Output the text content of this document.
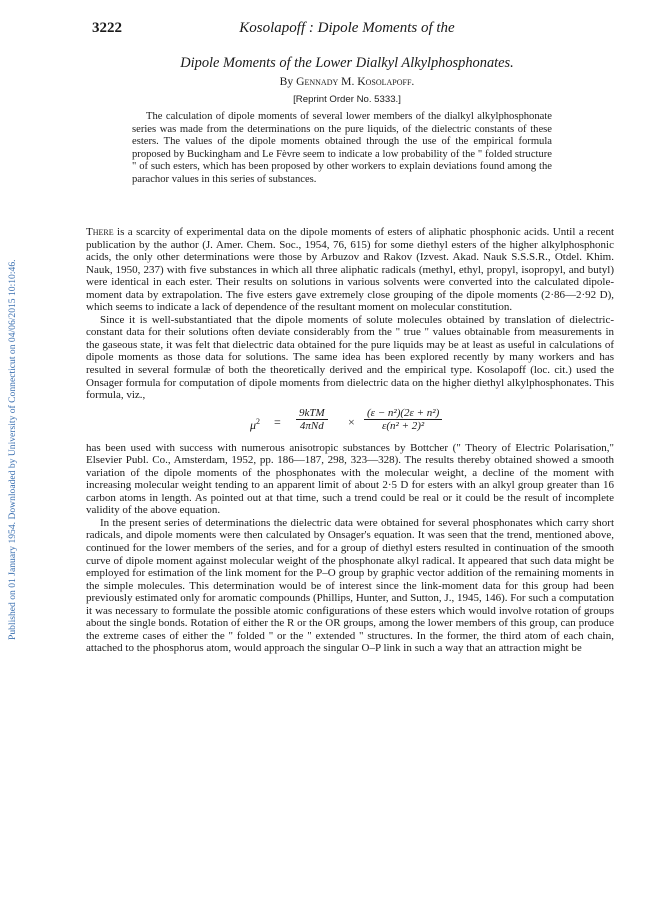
Published on 01 January 1954. Downloaded by University of Connecticut on 04/06/2015 10:10:46.
3222	Kosolapoff : Dipole Moments of the
Dipole Moments of the Lower Dialkyl Alkylphosphonates.
By Gennady M. Kosolapoff.
[Reprint Order No. 5333.]
The calculation of dipole moments of several lower members of the dialkyl alkylphosphonate series was made from the determinations on the pure liquids, of the dielectric constants of these esters. The values of the dipole moments obtained through the use of the empirical formula proposed by Buckingham and Le Fèvre seem to indicate a low probability of the " folded structure " of such esters, which has been proposed by other workers to explain deviations found among the parachor values in this series of substances.

There is a scarcity of experimental data on the dipole moments of esters of aliphatic phosphonic acids. Until a recent publication by the author (J. Amer. Chem. Soc., 1954, 76, 615) for some diethyl esters of the higher alkylphosphonic acids, the only other determinations were those by Arbuzov and Rakov (Izvest. Akad. Nauk S.S.S.R., Otdel. Khim. Nauk, 1950, 237) with five substances in which all three aliphatic radicals (methyl, ethyl, propyl, isopropyl, and butyl) were identical in each ester. Their results on solutions in various solvents were converted into the calculated dipole-moment data by extrapolation. The five esters gave extremely close grouping of the dipole moments (2·86—2·92 D), which seems to indicate a lack of dependence of the resultant moment on molecular constitution.

Since it is well-substantiated that the dipole moments of solute molecules obtained by translation of dielectric-constant data for their solutions often deviate considerably from the " true " values obtainable from measurements in the gaseous state, it was felt that dielectric data obtained for the pure liquids may be at least as useful in calculations of dipole moments as those data for solutions. The same idea has been explored recently by many workers and has resulted in several formulæ of both the theoretically derived and the empirical type. Kosolapoff (loc. cit.) used the Onsager formula for computation of dipole moments from dielectric data on the higher diethyl alkylphosphonates. This formula, viz.,

$\mu^2$ =
9kTM
$4\pi Nd \times \frac{\text{(ε − n²)(2ε + n²)}}{\text{ε(n² + 2)²}}$

has been used with success with numerous anisotropic substances by Bottcher (" Theory of Electric Polarisation," Elsevier Publ. Co., Amsterdam, 1952, pp. 186—187, 298, 323—328). The results thereby obtained showed a smooth variation of the dipole moments of the phosphonates with the molecular weight, a decline of the moment with increasing molecular weight tending to an apparent limit of about 2·5 D for esters with an alkyl group greater than 16 carbon atoms in length. As pointed out at that time, such a trend could be real or it could be the result of incomplete validity of the above equation.

In the present series of determinations the dielectric data were obtained for several phosphonates which carry short radicals, and dipole moments were then calculated by Onsager's equation. It was seen that the trend, mentioned above, continued for the lower members of the series, and for a group of diethyl esters resulted in continuation of the smooth curve of dipole moment against molecular weight of the phosphonate alkyl radical. It appeared that such data might be employed for estimation of the link moment for the P–O group by graphic vector addition of the remaining moments in the simple molecules. This determination would be of interest since the link-moment data for this group had been previously estimated only for aromatic compounds (Phillips, Hunter, and Sutton, J., 1945, 146). For such a computation it was necessary to formulate the possible atomic configurations of these esters which would involve rotation of groups about the single bonds. Rotation of either the R or the OR groups, among the lower members of this group, can produce the extreme cases of either the " folded " or the " extended " structures. In the former, the third atom of each chain, attached to the phosphorus atom, would approach the singular O–P link in such a way that an attraction might be
